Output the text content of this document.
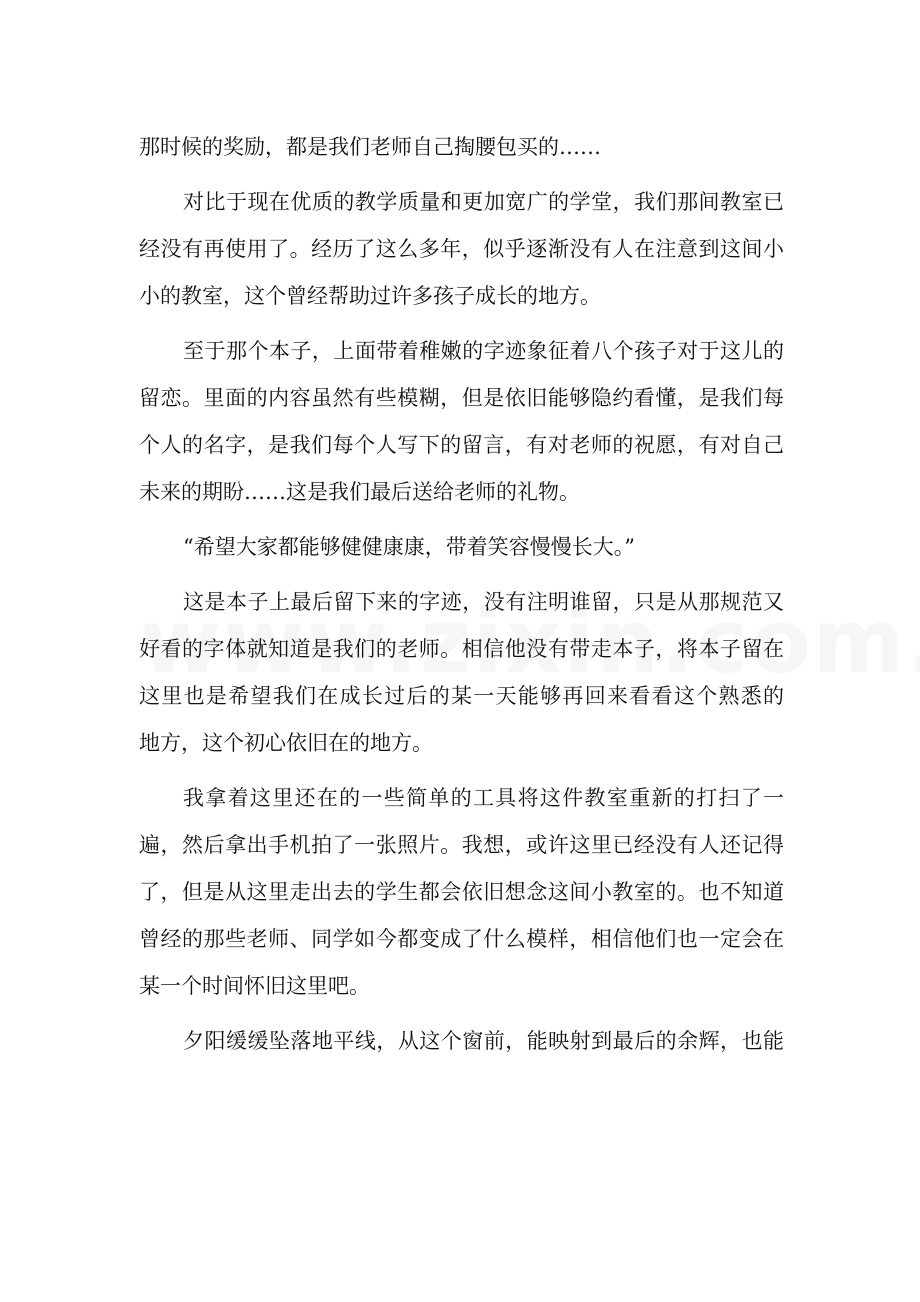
那时候的奖励，都是我们老师自己掏腰包买的……
对比于现在优质的教学质量和更加宽广的学堂，我们那间教室已
经没有再使用了。经历了这么多年，似乎逐渐没有人在注意到这间小
小的教室，这个曾经帮助过许多孩子成长的地方。
至于那个本子，上面带着稚嫩的字迹象征着八个孩子对于这儿的
留恋。里面的内容虽然有些模糊，但是依旧能够隐约看懂，是我们每
个人的名字，是我们每个人写下的留言，有对老师的祝愿，有对自己
未来的期盼……这是我们最后送给老师的礼物。
“希望大家都能够健健康康，带着笑容慢慢长大。”
这是本子上最后留下来的字迹，没有注明谁留，只是从那规范又
好看的字体就知道是我们的老师。相信他没有带走本子，将本子留在
这里也是希望我们在成长过后的某一天能够再回来看看这个熟悉的
地方，这个初心依旧在的地方。
我拿着这里还在的一些简单的工具将这件教室重新的打扫了一
遍，然后拿出手机拍了一张照片。我想，或许这里已经没有人还记得
了，但是从这里走出去的学生都会依旧想念这间小教室的。也不知道
曾经的那些老师、同学如今都变成了什么模样，相信他们也一定会在
某一个时间怀旧这里吧。
夕阳缓缓坠落地平线，从这个窗前，能映射到最后的余辉，也能
